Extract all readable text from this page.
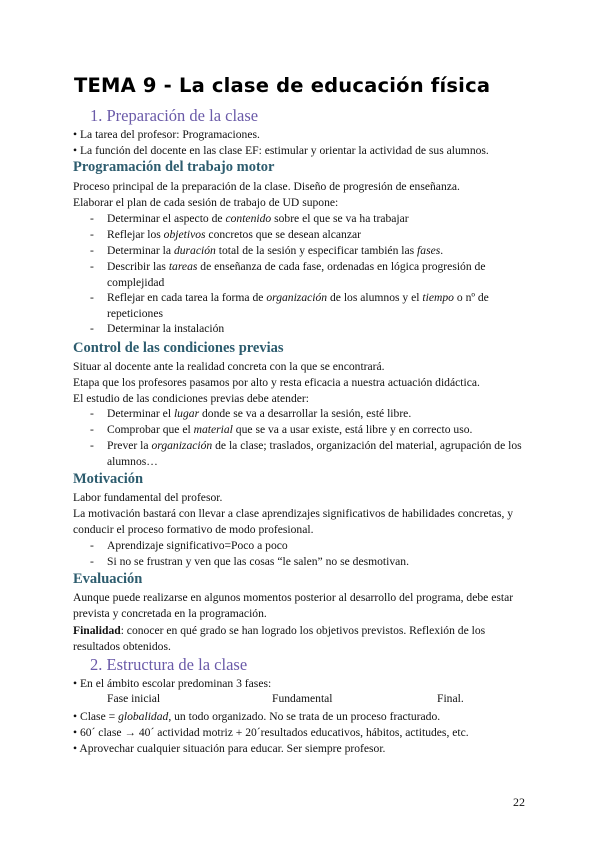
TEMA 9 - La clase de educación física
1. Preparación de la clase
• La tarea del profesor: Programaciones.
• La función del docente en las clase EF: estimular y orientar la actividad de sus alumnos.
Programación del trabajo motor
Proceso principal de la preparación de la clase. Diseño de progresión de enseñanza.
Elaborar el plan de cada sesión de trabajo de UD supone:
- Determinar el aspecto de contenido sobre el que se va ha trabajar
- Reflejar los objetivos concretos que se desean alcanzar
- Determinar la duración total de la sesión y especificar también las fases.
- Describir las tareas de enseñanza de cada fase, ordenadas en lógica progresión de complejidad
- Reflejar en cada tarea la forma de organización de los alumnos y el tiempo o nº de repeticiones
- Determinar la instalación
Control de las condiciones previas
Situar al docente ante la realidad concreta con la que se encontrará.
Etapa que los profesores pasamos por alto y resta eficacia a nuestra actuación didáctica.
El estudio de las condiciones previas debe atender:
- Determinar el lugar donde se va a desarrollar la sesión, esté libre.
- Comprobar que el material que se va a usar existe, está libre y en correcto uso.
- Prever la organización de la clase; traslados, organización del material, agrupación de los alumnos…
Motivación
Labor fundamental del profesor.
La motivación bastará con llevar a clase aprendizajes significativos de habilidades concretas, y conducir el proceso formativo de modo profesional.
- Aprendizaje significativo=Poco a poco
- Si no se frustran y ven que las cosas “le salen” no se desmotivan.
Evaluación
Aunque puede realizarse en algunos momentos posterior al desarrollo del programa, debe estar prevista y concretada en la programación.
Finalidad: conocer en qué grado se han logrado los objetivos previstos. Reflexión de los resultados obtenidos.
2. Estructura de la clase
• En el ámbito escolar predominan 3 fases:
Fase inicial	Fundamental	Final.
• Clase = globalidad, un todo organizado. No se trata de un proceso fracturado.
• 60´ clase → 40´ actividad motriz + 20´resultados educativos, hábitos, actitudes, etc.
• Aprovechar cualquier situación para educar. Ser siempre profesor.
22
